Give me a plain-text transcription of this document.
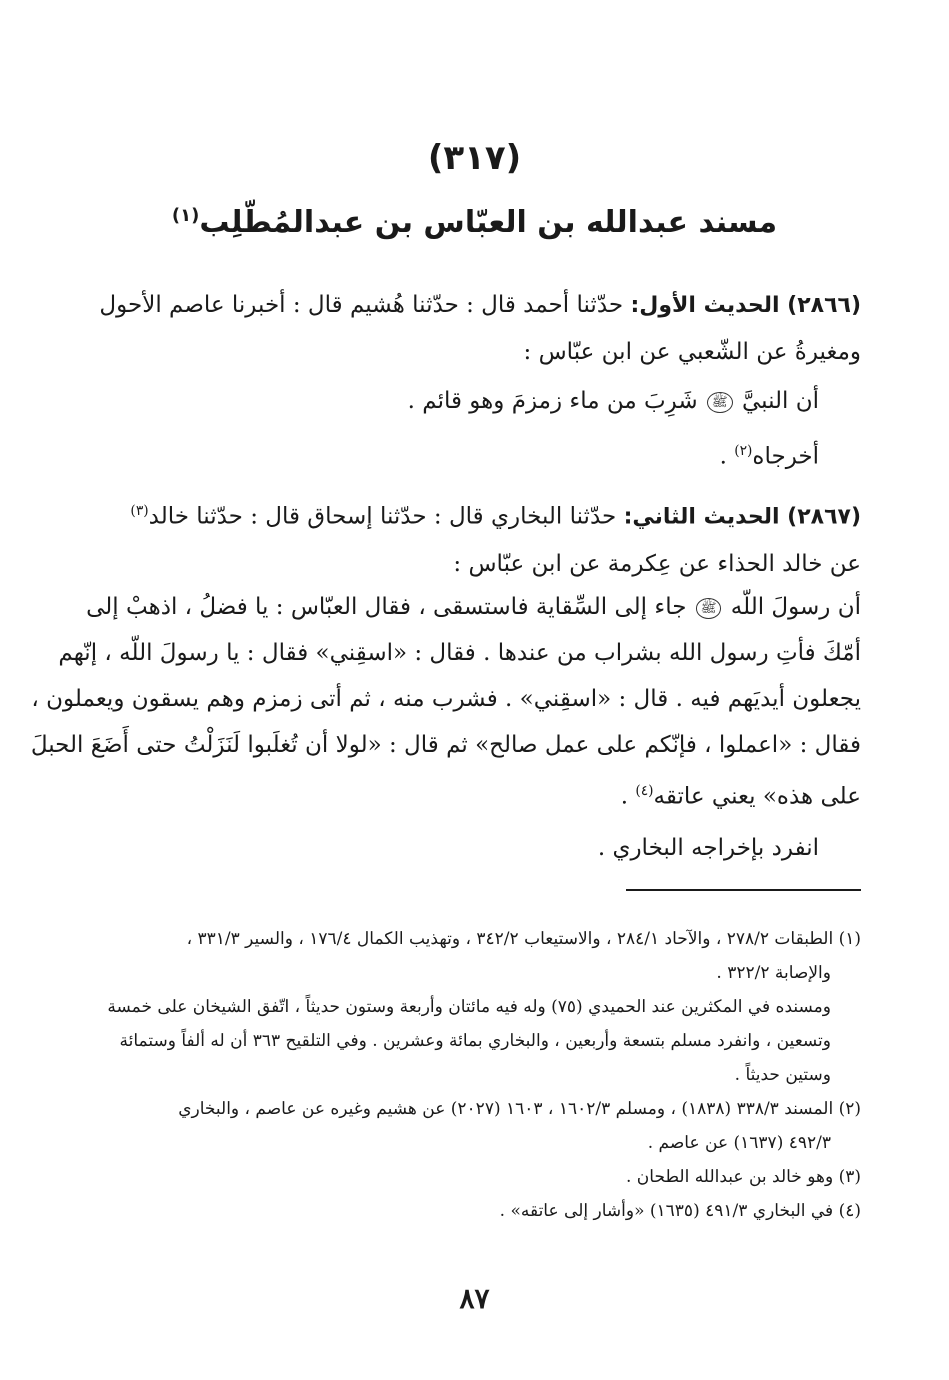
(٣١٧)
مسند عبدالله بن العبّاس بن عبدالمُطّلِب$^{(١)}$
(٢٨٦٦) الحديث الأول: حدّثنا أحمد قال : حدّثنا هُشيم قال : أخبرنا عاصم الأحول
ومغيرةُ عن الشّعبي عن ابن عبّاس :
أن النبيَّ ﷺ شَرِبَ من ماء زمزمَ وهو قائم .
أخرجاه$^{(٢)}$ .
(٢٨٦٧) الحديث الثاني: حدّثنا البخاري قال : حدّثنا إسحاق قال : حدّثنا خالد$^{(٣)}$
عن خالد الحذاء عن عِكرمة عن ابن عبّاس :
أن رسولَ اللّه ﷺ جاء إلى السِّقاية فاستسقى ، فقال العبّاس : يا فضلُ ، اذهبْ إلى
أمّكَ فأتِ رسول الله بشراب من عندها . فقال : «اسقِني» فقال : يا رسولَ اللّه ، إنّهم
يجعلون أيديَهم فيه . قال : «اسقِني» . فشرب منه ، ثم أتى زمزم وهم يسقون ويعملون ،
فقال : «اعملوا ، فإنّكم على عمل صالح» ثم قال : «لولا أن تُغلَبوا لَنَزَلْتُ حتى أَضَعَ الحبلَ
على هذه» يعني عاتقه$^{(٤)}$ .
انفرد بإخراجه البخاري .
(١) الطبقات ٢٧٨/٢ ، والآحاد ٢٨٤/١ ، والاستيعاب ٣٤٢/٢ ، وتهذيب الكمال ١٧٦/٤ ، والسير ٣٣١/٣ ،
والإصابة ٣٢٢/٢ .
ومسنده في المكثرين عند الحميدي (٧٥) وله فيه مائتان وأربعة وستون حديثاً ، اتّفق الشيخان على خمسة
وتسعين ، وانفرد مسلم بتسعة وأربعين ، والبخاري بمائة وعشرين . وفي التلقيح ٣٦٣ أن له ألفاً وستمائة
وستين حديثاً .
(٢) المسند ٣٣٨/٣ (١٨٣٨) ، ومسلم ١٦٠٢/٣ ، ١٦٠٣ (٢٠٢٧) عن هشيم وغيره عن عاصم ، والبخاري
٤٩٢/٣ (١٦٣٧) عن عاصم .
(٣) وهو خالد بن عبدالله الطحان .
(٤) في البخاري ٤٩١/٣ (١٦٣٥) «وأشار إلى عاتقه» .
٨٧
